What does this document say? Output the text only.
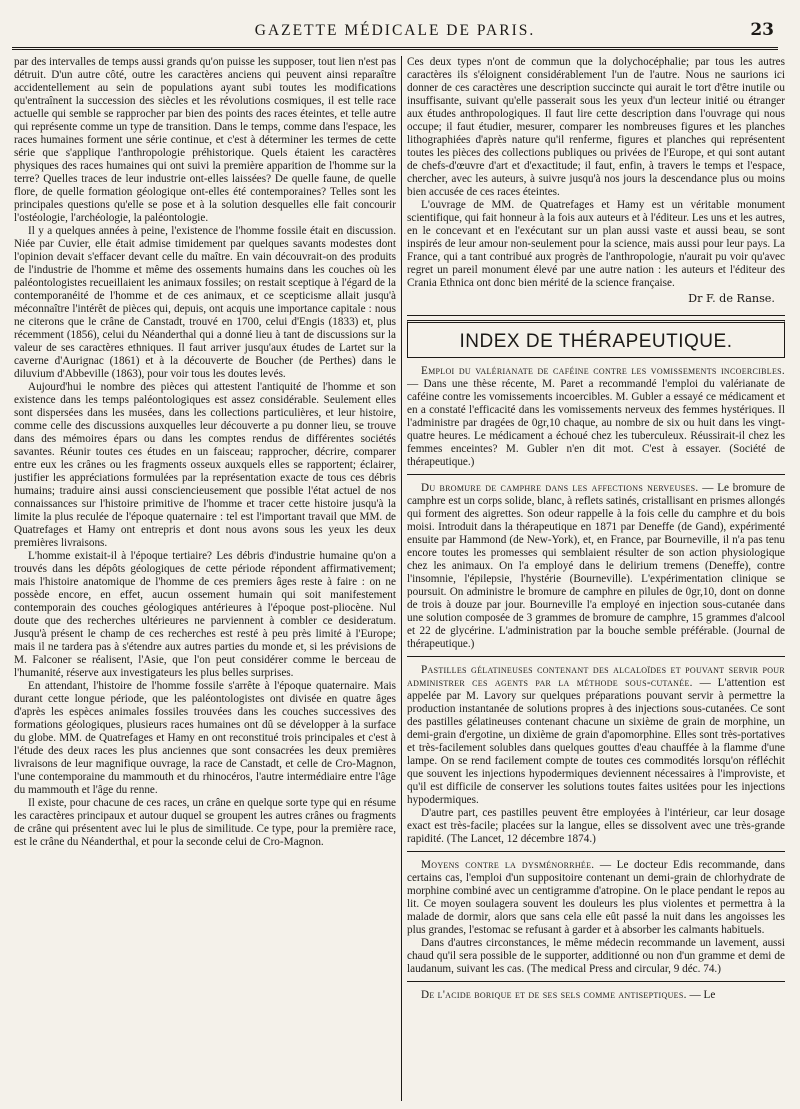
GAZETTE MÉDICALE DE PARIS.	23

par des intervalles de temps aussi grands qu'on puisse les supposer, tout lien n'est pas détruit. D'un autre côté, outre les caractères anciens qui peuvent ainsi reparaître accidentellement au sein de populations ayant subi toutes les modifications qu'entraînent la succession des siècles et les révolutions cosmiques, il est telle race actuelle qui semble se rapprocher par bien des points des races éteintes, et telle autre qui représente comme un type de transition. Dans le temps, comme dans l'espace, les races humaines forment une série continue, et c'est à déterminer les termes de cette série que s'applique l'anthropologie préhistorique. Quels étaient les caractères physiques des races humaines qui ont suivi la première apparition de l'homme sur la terre? Quelles traces de leur industrie ont-elles laissées? De quelle faune, de quelle flore, de quelle formation géologique ont-elles été contemporaines? Telles sont les principales questions qu'elle se pose et à la solution desquelles elle fait concourir l'ostéologie, l'archéologie, la paléontologie.

Il y a quelques années à peine, l'existence de l'homme fossile était en discussion. Niée par Cuvier, elle était admise timidement par quelques savants modestes dont l'opinion devait s'effacer devant celle du maître. En vain découvrait-on des produits de l'industrie de l'homme et même des ossements humains dans les couches où les paléontologistes recueillaient les animaux fossiles; on restait sceptique à l'égard de la contemporanéité de l'homme et de ces animaux, et ce scepticisme allait jusqu'à méconnaître l'intérêt de pièces qui, depuis, ont acquis une importance capitale : nous ne citerons que le crâne de Canstadt, trouvé en 1700, celui d'Engis (1833) et, plus récemment (1856), celui du Néanderthal qui a donné lieu à tant de discussions sur la valeur de ses caractères ethniques. Il faut arriver jusqu'aux études de Lartet sur la caverne d'Aurignac (1861) et à la découverte de Boucher (de Perthes) dans le diluvium d'Abbeville (1863), pour voir tous les doutes levés.

Aujourd'hui le nombre des pièces qui attestent l'antiquité de l'homme et son existence dans les temps paléontologiques est assez considérable. Seulement elles sont dispersées dans les musées, dans les collections particulières, et leur histoire, comme celle des discussions auxquelles leur découverte a pu donner lieu, se trouve dans des mémoires épars ou dans les comptes rendus de différentes sociétés savantes. Réunir toutes ces études en un faisceau; rapprocher, décrire, comparer entre eux les crânes ou les fragments osseux auxquels elles se rapportent; éclairer, justifier les appréciations formulées par la représentation exacte de tous ces débris humains; traduire ainsi aussi consciencieusement que possible l'état actuel de nos connaissances sur l'histoire primitive de l'homme et tracer cette histoire jusqu'à la limite la plus reculée de l'époque quaternaire : tel est l'important travail que MM. de Quatrefages et Hamy ont entrepris et dont nous avons sous les yeux les deux premières livraisons.

L'homme existait-il à l'époque tertiaire? Les débris d'industrie humaine qu'on a trouvés dans les dépôts géologiques de cette période répondent affirmativement; mais l'histoire anatomique de l'homme de ces premiers âges reste à faire : on ne possède encore, en effet, aucun ossement humain qui soit manifestement contemporain des couches géologiques antérieures à l'époque post-pliocène. Nul doute que des recherches ultérieures ne parviennent à combler ce desideratum. Jusqu'à présent le champ de ces recherches est resté à peu près limité à l'Europe; mais il ne tardera pas à s'étendre aux autres parties du monde et, si les prévisions de M. Falconer se réalisent, l'Asie, que l'on peut considérer comme le berceau de l'humanité, réserve aux investigateurs les plus belles surprises.

En attendant, l'histoire de l'homme fossile s'arrête à l'époque quaternaire. Mais durant cette longue période, que les paléontologistes ont divisée en quatre âges d'après les espèces animales fossiles trouvées dans les couches successives des formations géologiques, plusieurs races humaines ont dû se développer à la surface du globe. MM. de Quatrefages et Hamy en ont reconstitué trois principales et c'est à l'étude des deux races les plus anciennes que sont consacrées les deux premières livraisons de leur magnifique ouvrage, la race de Canstadt, et celle de Cro-Magnon, l'une contemporaine du mammouth et du rhinocéros, l'autre intermédiaire entre l'âge du mammouth et l'âge du renne.

Il existe, pour chacune de ces races, un crâne en quelque sorte type qui en résume les caractères principaux et autour duquel se groupent les autres crânes ou fragments de crâne qui présentent avec lui le plus de similitude. Ce type, pour la première race, est le crâne du Néanderthal, et pour la seconde celui de Cro-Magnon.

Ces deux types n'ont de commun que la dolychocéphalie; par tous les autres caractères ils s'éloignent considérablement l'un de l'autre. Nous ne saurions ici donner de ces caractères une description succincte qui aurait le tort d'être inutile ou insuffisante, suivant qu'elle passerait sous les yeux d'un lecteur initié ou étranger aux études anthropologiques. Il faut lire cette description dans l'ouvrage qui nous occupe; il faut étudier, mesurer, comparer les nombreuses figures et les planches lithographiées d'après nature qu'il renferme, figures et planches qui représentent toutes les pièces des collections publiques ou privées de l'Europe, et qui sont autant de chefs-d'œuvre d'art et d'exactitude; il faut, enfin, à travers le temps et l'espace, chercher, avec les auteurs, à suivre jusqu'à nos jours la descendance plus ou moins bien accusée de ces races éteintes.

L'ouvrage de MM. de Quatrefages et Hamy est un véritable monument scientifique, qui fait honneur à la fois aux auteurs et à l'éditeur. Les uns et les autres, en le concevant et en l'exécutant sur un plan aussi vaste et aussi beau, se sont inspirés de leur amour non-seulement pour la science, mais aussi pour leur pays. La France, qui a tant contribué aux progrès de l'anthropologie, n'aurait pu voir qu'avec regret un pareil monument élevé par une autre nation : les auteurs et l'éditeur des Crania Ethnica ont donc bien mérité de la science française.

Dr F. de Ranse.
INDEX DE THÉRAPEUTIQUE.

Emploi du valérianate de caféine contre les vomissements incoercibles. — Dans une thèse récente, M. Paret a recommandé l'emploi du valérianate de caféine contre les vomissements incoercibles. M. Gubler a essayé ce médicament et en a constaté l'efficacité dans les vomissements nerveux des femmes hystériques. Il l'administre par dragées de 0gr,10 chaque, au nombre de six ou huit dans les vingt-quatre heures. Le médicament a échoué chez les tuberculeux. Réussirait-il chez les femmes enceintes? M. Gubler n'en dit mot. C'est à essayer. (Société de thérapeutique.)

Du bromure de camphre dans les affections nerveuses. — Le bromure de camphre est un corps solide, blanc, à reflets satinés, cristallisant en prismes allongés qui forment des aigrettes. Son odeur rappelle à la fois celle du camphre et du bois moisi. Introduit dans la thérapeutique en 1871 par Deneffe (de Gand), expérimenté ensuite par Hammond (de New-York), et, en France, par Bourneville, il n'a pas tenu encore toutes les promesses qui semblaient résulter de son action physiologique chez les animaux. On l'a employé dans le delirium tremens (Deneffe), contre l'insomnie, l'épilepsie, l'hystérie (Bourneville). L'expérimentation clinique se poursuit. On administre le bromure de camphre en pilules de 0gr,10, dont on donne de trois à douze par jour. Bourneville l'a employé en injection sous-cutanée dans une solution composée de 3 grammes de bromure de camphre, 15 grammes d'alcool et 22 de glycérine. L'administration par la bouche semble préférable. (Journal de thérapeutique.)

Pastilles gélatineuses contenant des alcaloïdes et pouvant servir pour administrer ces agents par la méthode sous-cutanée. — L'attention est appelée par M. Lavory sur quelques préparations pouvant servir à permettre la production instantanée de solutions propres à des injections sous-cutanées. Ce sont des pastilles gélatineuses contenant chacune un sixième de grain de morphine, un demi-grain d'ergotine, un dixième de grain d'apomorphine. Elles sont très-portatives et très-facilement solubles dans quelques gouttes d'eau chauffée à la flamme d'une lampe. On se rend facilement compte de toutes ces commodités lorsqu'on réfléchit que souvent les injections hypodermiques deviennent nécessaires à l'improviste, et qu'il est difficile de conserver les solutions toutes faites usitées pour les injections hypodermiques.

D'autre part, ces pastilles peuvent être employées à l'intérieur, car leur dosage exact est très-facile; placées sur la langue, elles se dissolvent avec une très-grande rapidité. (The Lancet, 12 décembre 1874.)

Moyens contre la dysménorrhée. — Le docteur Edis recommande, dans certains cas, l'emploi d'un suppositoire contenant un demi-grain de chlorhydrate de morphine combiné avec un centigramme d'atropine. On le place pendant le repos au lit. Ce moyen soulagera souvent les douleurs les plus violentes et permettra à la malade de dormir, alors que sans cela elle eût passé la nuit dans les angoisses les plus grandes, l'estomac se refusant à garder et à absorber les calmants habituels.

Dans d'autres circonstances, le même médecin recommande un lavement, aussi chaud qu'il sera possible de le supporter, additionné ou non d'un gramme et demi de laudanum, suivant les cas. (The medical Press and circular, 9 déc. 74.)

De l'acide borique et de ses sels comme antiseptiques. — Le
